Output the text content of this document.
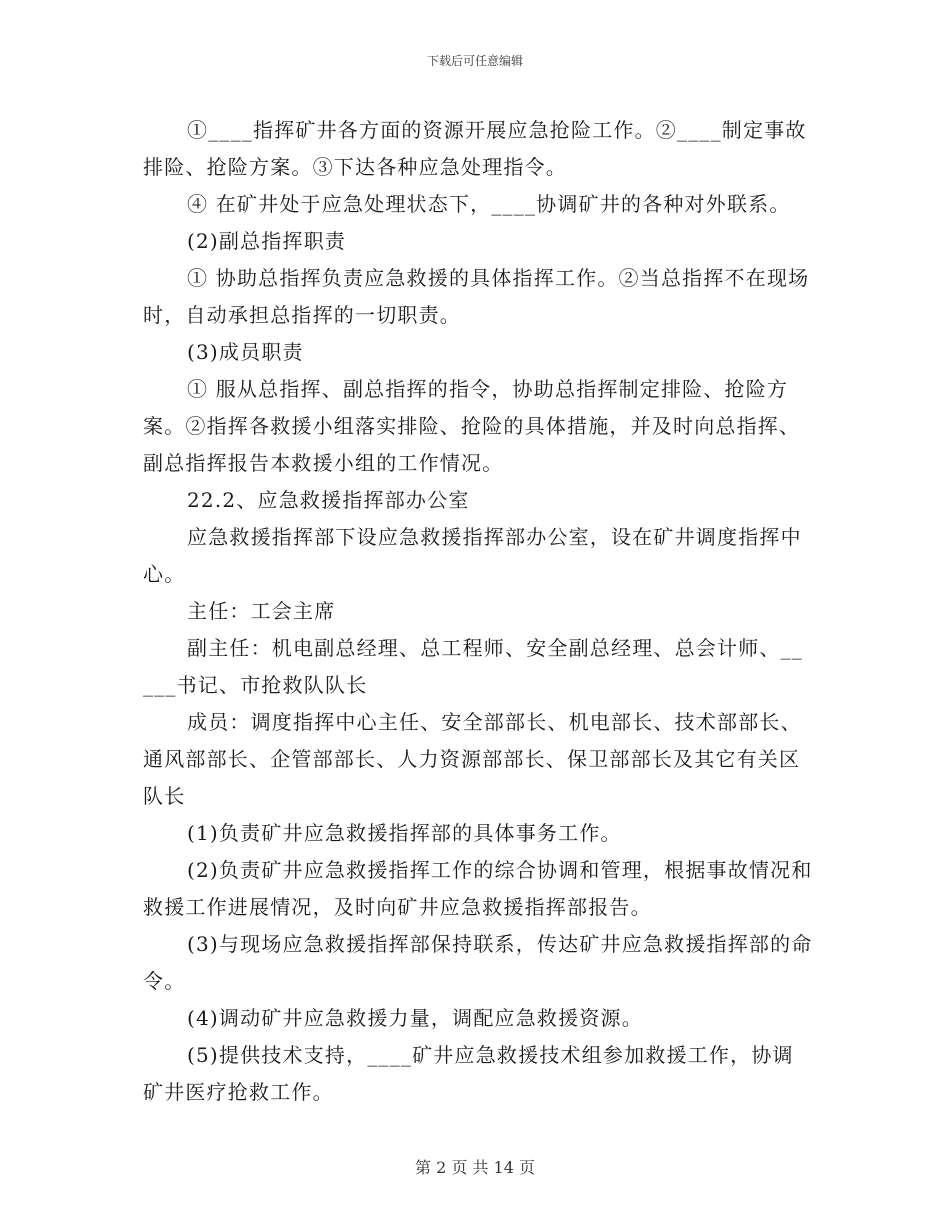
下载后可任意编辑

①____指挥矿井各方面的资源开展应急抢险工作。②____制定事故排险、抢险方案。③下达各种应急处理指令。

④ 在矿井处于应急处理状态下，____协调矿井的各种对外联系。

(2)副总指挥职责

① 协助总指挥负责应急救援的具体指挥工作。②当总指挥不在现场时，自动承担总指挥的一切职责。

(3)成员职责

① 服从总指挥、副总指挥的指令，协助总指挥制定排险、抢险方案。②指挥各救援小组落实排险、抢险的具体措施，并及时向总指挥、副总指挥报告本救援小组的工作情况。

22.2、应急救援指挥部办公室

应急救援指挥部下设应急救援指挥部办公室，设在矿井调度指挥中心。

主任：工会主席

副主任：机电副总经理、总工程师、安全副总经理、总会计师、_____书记、市抢救队队长

成员：调度指挥中心主任、安全部部长、机电部长、技术部部长、通风部部长、企管部部长、人力资源部部长、保卫部部长及其它有关区队长

(1)负责矿井应急救援指挥部的具体事务工作。

(2)负责矿井应急救援指挥工作的综合协调和管理，根据事故情况和救援工作进展情况，及时向矿井应急救援指挥部报告。

(3)与现场应急救援指挥部保持联系，传达矿井应急救援指挥部的命令。

(4)调动矿井应急救援力量，调配应急救援资源。

(5)提供技术支持，____矿井应急救援技术组参加救援工作，协调矿井医疗抢救工作。

第 2 页 共 14 页
